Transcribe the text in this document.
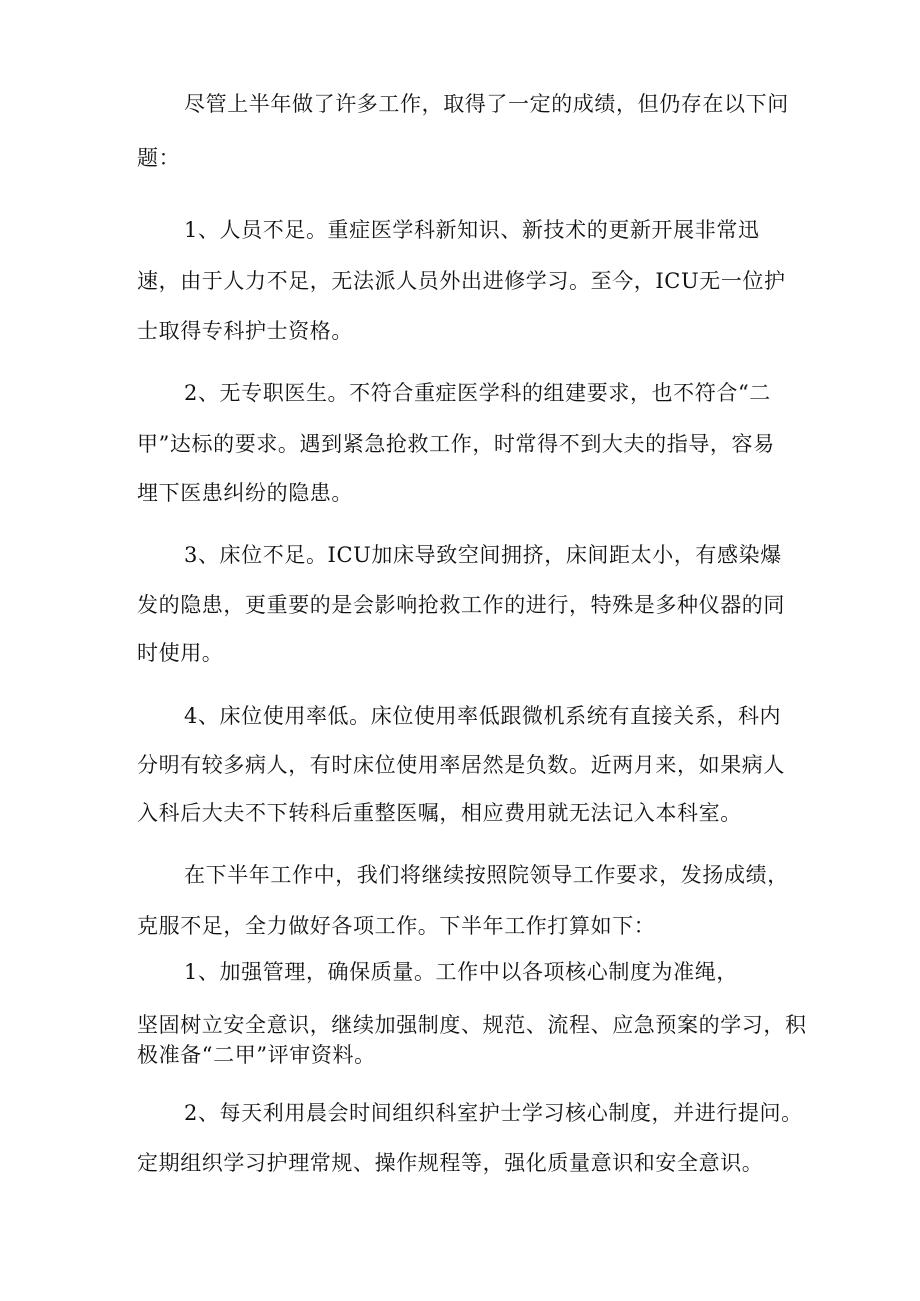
尽管上半年做了许多工作，取得了一定的成绩，但仍存在以下问
题：
1、人员不足。重症医学科新知识、新技术的更新开展非常迅
速，由于人力不足，无法派人员外出进修学习。至今，ICU无一位护
士取得专科护士资格。
2、无专职医生。不符合重症医学科的组建要求，也不符合“二
甲”达标的要求。遇到紧急抢救工作，时常得不到大夫的指导，容易
埋下医患纠纷的隐患。
3、床位不足。ICU加床导致空间拥挤，床间距太小，有感染爆
发的隐患，更重要的是会影响抢救工作的进行，特殊是多种仪器的同
时使用。
4、床位使用率低。床位使用率低跟微机系统有直接关系，科内
分明有较多病人，有时床位使用率居然是负数。近两月来，如果病人
入科后大夫不下转科后重整医嘱，相应费用就无法记入本科室。
在下半年工作中，我们将继续按照院领导工作要求，发扬成绩，
克服不足，全力做好各项工作。下半年工作打算如下：
1、加强管理，确保质量。工作中以各项核心制度为准绳，
坚固树立安全意识，继续加强制度、规范、流程、应急预案的学习，积
极准备“二甲”评审资料。
2、每天利用晨会时间组织科室护士学习核心制度，并进行提问。
定期组织学习护理常规、操作规程等，强化质量意识和安全意识。
